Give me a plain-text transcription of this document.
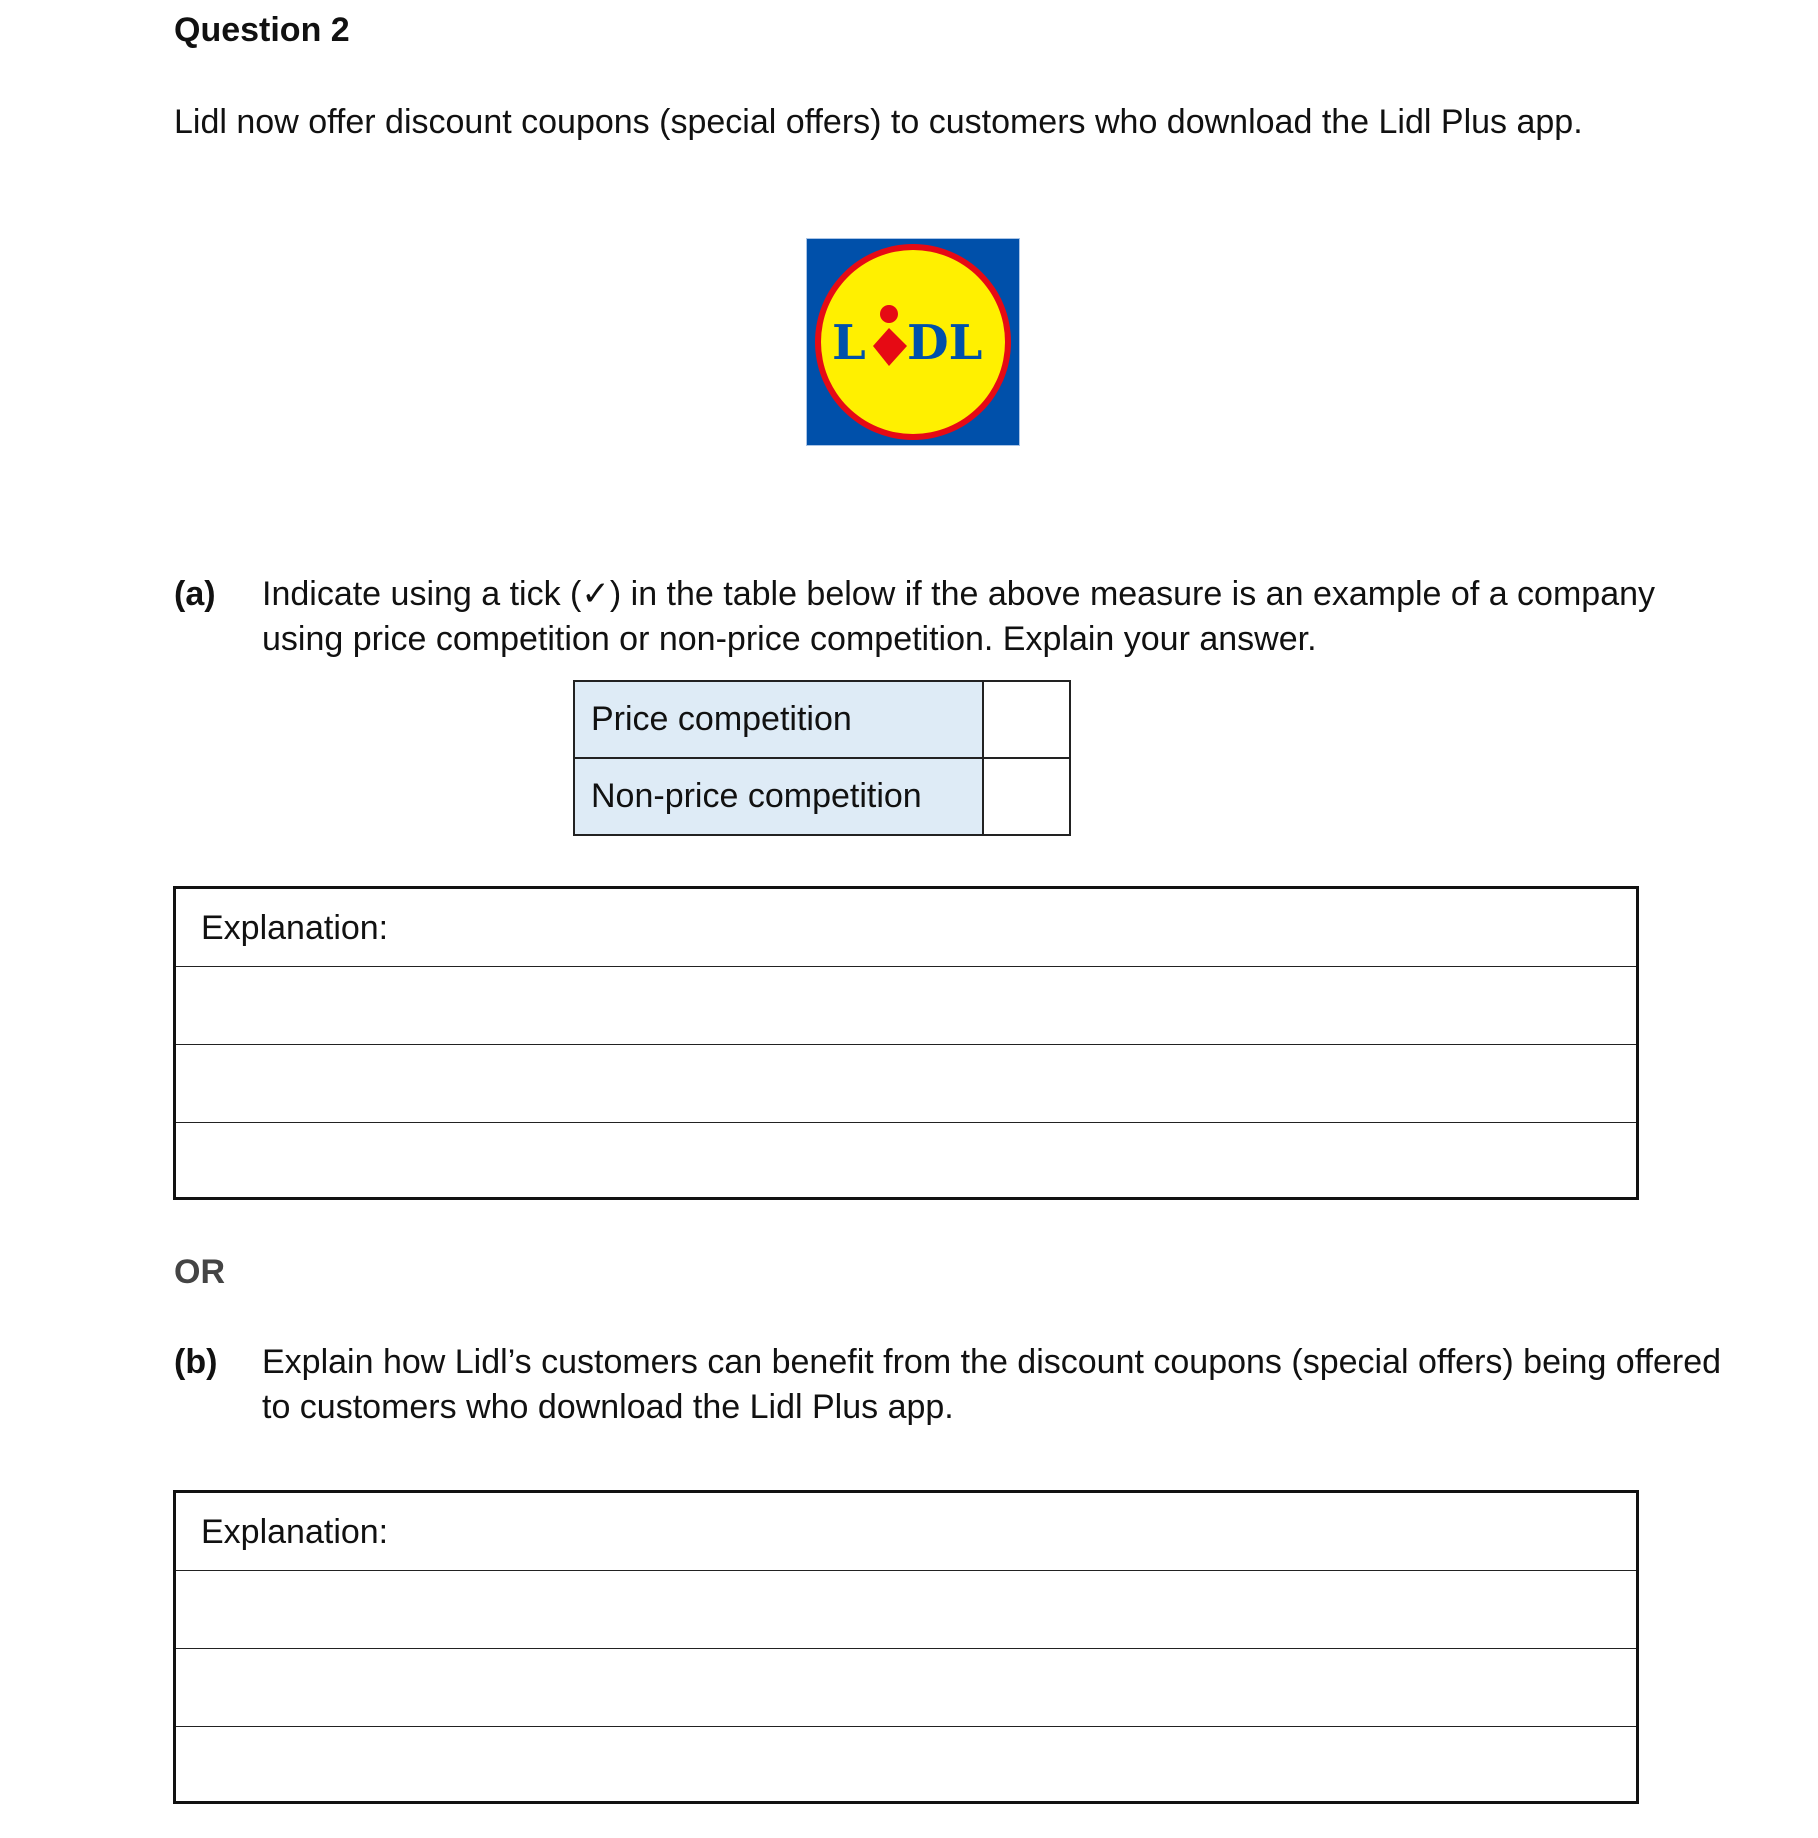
Question 2
Lidl now offer discount coupons (special offers) to customers who download the Lidl Plus app.
L DL
(a) Indicate using a tick (✓) in the table below if the above measure is an example of a company
using price competition or non-price competition. Explain your answer.
Price competition	
Non-price competition	
Explanation:
OR
(b) Explain how Lidl’s customers can benefit from the discount coupons (special offers) being offered
to customers who download the Lidl Plus app.
Explanation:
